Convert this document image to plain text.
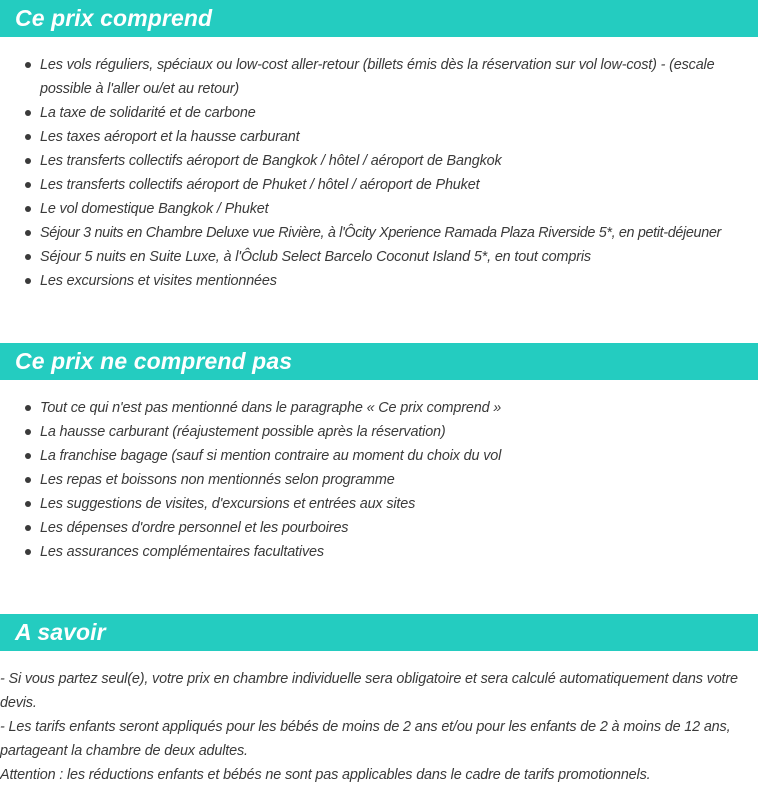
Ce prix comprend
Les vols réguliers, spéciaux ou low-cost aller-retour (billets émis dès la réservation sur vol low-cost) - (escale possible à l'aller ou/et au retour)
La taxe de solidarité et de carbone
Les taxes aéroport et la hausse carburant
Les transferts collectifs aéroport de Bangkok / hôtel / aéroport de Bangkok
Les transferts collectifs aéroport de Phuket / hôtel / aéroport de Phuket
Le vol domestique Bangkok / Phuket
Séjour 3 nuits en Chambre Deluxe vue Rivière, à l'Ôcity Xperience Ramada Plaza Riverside 5*, en petit-déjeuner
Séjour 5 nuits en Suite Luxe, à l'Ôclub Select Barcelo Coconut Island 5*, en tout compris
Les excursions et visites mentionnées
Ce prix ne comprend pas
Tout ce qui n'est pas mentionné dans le paragraphe « Ce prix comprend »
La hausse carburant (réajustement possible après la réservation)
La franchise bagage (sauf si mention contraire au moment du choix du vol
Les repas et boissons non mentionnés selon programme
Les suggestions de visites, d'excursions et entrées aux sites
Les dépenses d'ordre personnel et les pourboires
Les assurances complémentaires facultatives
A savoir

- Si vous partez seul(e), votre prix en chambre individuelle sera obligatoire et sera calculé automatiquement dans votre devis.

- Les tarifs enfants seront appliqués pour les bébés de moins de 2 ans et/ou pour les enfants de 2 à moins de 12 ans, partageant la chambre de deux adultes.

Attention : les réductions enfants et bébés ne sont pas applicables dans le cadre de tarifs promotionnels.
